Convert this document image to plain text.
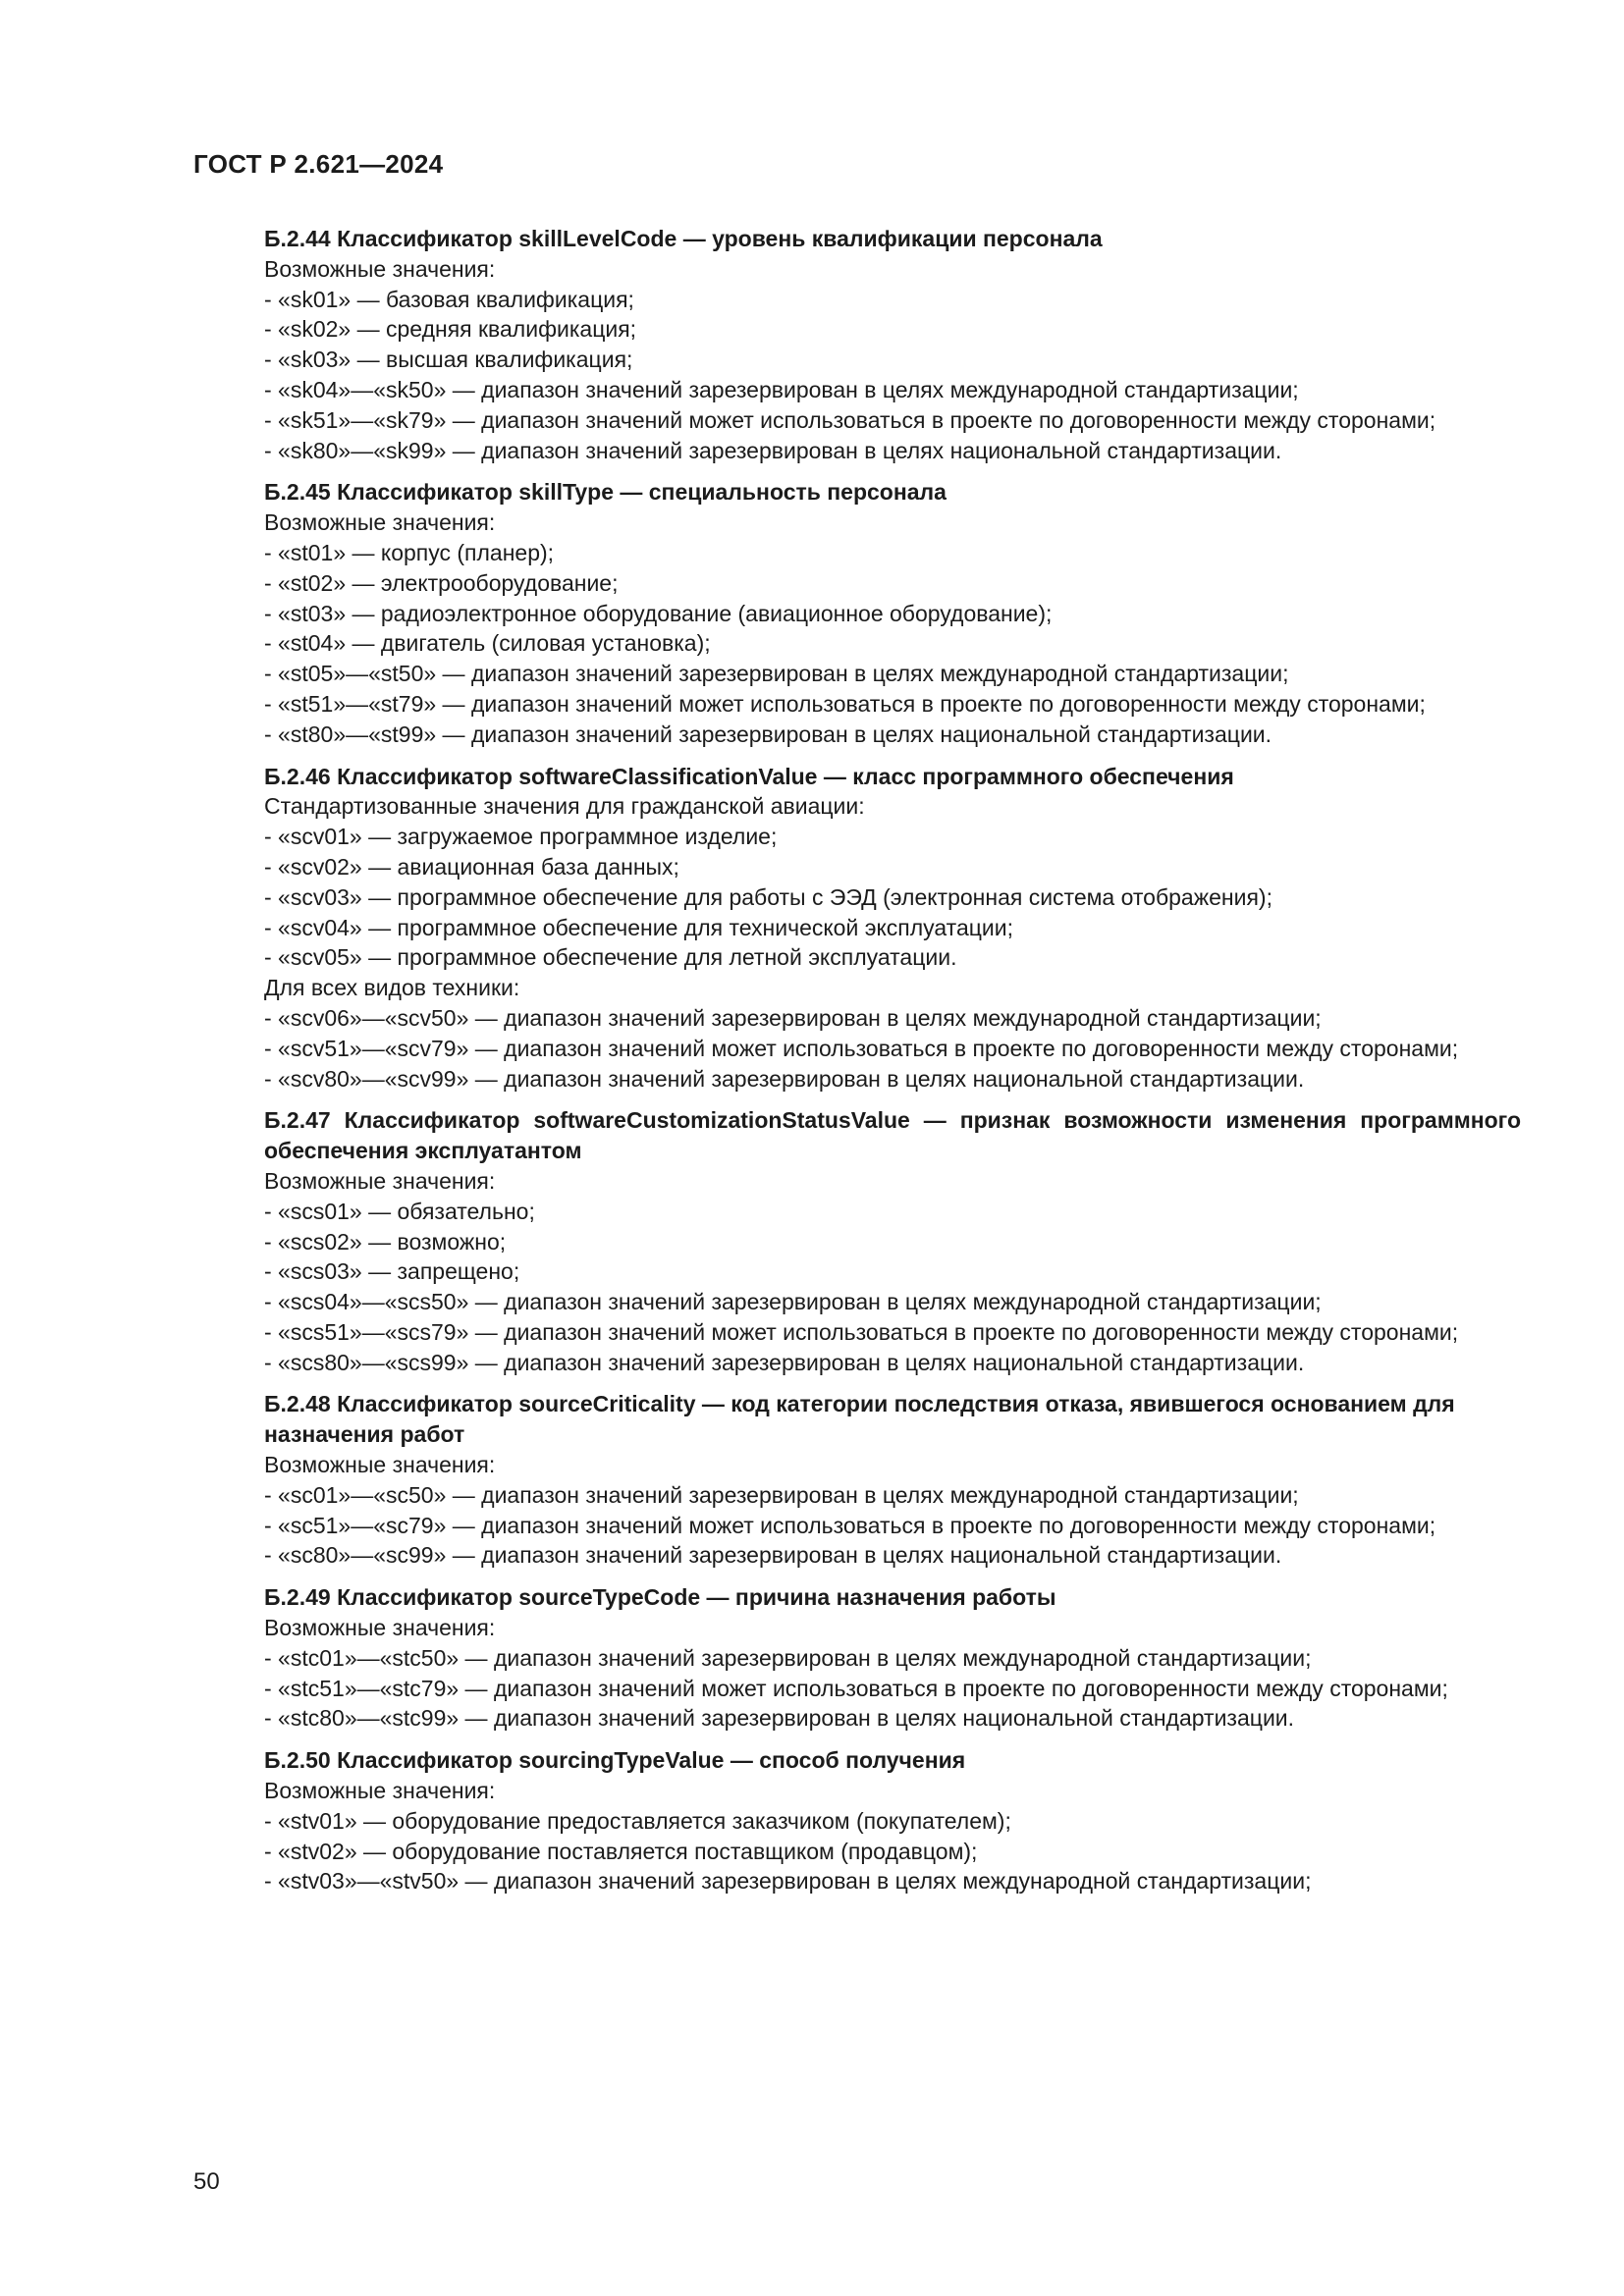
ГОСТ Р 2.621—2024
Б.2.44 Классификатор skillLevelCode — уровень квалификации персонала
Возможные значения:
- «sk01» — базовая квалификация;
- «sk02» — средняя квалификация;
- «sk03» — высшая квалификация;
- «sk04»—«sk50» — диапазон значений зарезервирован в целях международной стандартизации;
- «sk51»—«sk79» — диапазон значений может использоваться в проекте по договоренности между сторонами;
- «sk80»—«sk99» — диапазон значений зарезервирован в целях национальной стандартизации.
Б.2.45 Классификатор skillType — специальность персонала
Возможные значения:
- «st01» — корпус (планер);
- «st02» — электрооборудование;
- «st03» — радиоэлектронное оборудование (авиационное оборудование);
- «st04» — двигатель (силовая установка);
- «st05»—«st50» — диапазон значений зарезервирован в целях международной стандартизации;
- «st51»—«st79» — диапазон значений может использоваться в проекте по договоренности между сторонами;
- «st80»—«st99» — диапазон значений зарезервирован в целях национальной стандартизации.
Б.2.46 Классификатор softwareClassificationValue — класс программного обеспечения
Стандартизованные значения для гражданской авиации:
- «scv01» — загружаемое программное изделие;
- «scv02» — авиационная база данных;
- «scv03» — программное обеспечение для работы с ЭЭД (электронная система отображения);
- «scv04» — программное обеспечение для технической эксплуатации;
- «scv05» — программное обеспечение для летной эксплуатации.
Для всех видов техники:
- «scv06»—«scv50» — диапазон значений зарезервирован в целях международной стандартизации;
- «scv51»—«scv79» — диапазон значений может использоваться в проекте по договоренности между сторонами;
- «scv80»—«scv99» — диапазон значений зарезервирован в целях национальной стандартизации.
Б.2.47 Классификатор softwareCustomizationStatusValue — признак возможности изменения программного обеспечения эксплуатантом
Возможные значения:
- «scs01» — обязательно;
- «scs02» — возможно;
- «scs03» — запрещено;
- «scs04»—«scs50» — диапазон значений зарезервирован в целях международной стандартизации;
- «scs51»—«scs79» — диапазон значений может использоваться в проекте по договоренности между сторонами;
- «scs80»—«scs99» — диапазон значений зарезервирован в целях национальной стандартизации.
Б.2.48 Классификатор sourceCriticality — код категории последствия отказа, явившегося основанием для назначения работ
Возможные значения:
- «sc01»—«sc50» — диапазон значений зарезервирован в целях международной стандартизации;
- «sc51»—«sc79» — диапазон значений может использоваться в проекте по договоренности между сторонами;
- «sc80»—«sc99» — диапазон значений зарезервирован в целях национальной стандартизации.
Б.2.49 Классификатор sourceTypeCode — причина назначения работы
Возможные значения:
- «stc01»—«stc50» — диапазон значений зарезервирован в целях международной стандартизации;
- «stc51»—«stc79» — диапазон значений может использоваться в проекте по договоренности между сторонами;
- «stc80»—«stc99» — диапазон значений зарезервирован в целях национальной стандартизации.
Б.2.50 Классификатор sourcingTypeValue — способ получения
Возможные значения:
- «stv01» — оборудование предоставляется заказчиком (покупателем);
- «stv02» — оборудование поставляется поставщиком (продавцом);
- «stv03»—«stv50» — диапазон значений зарезервирован в целях международной стандартизации;
50
